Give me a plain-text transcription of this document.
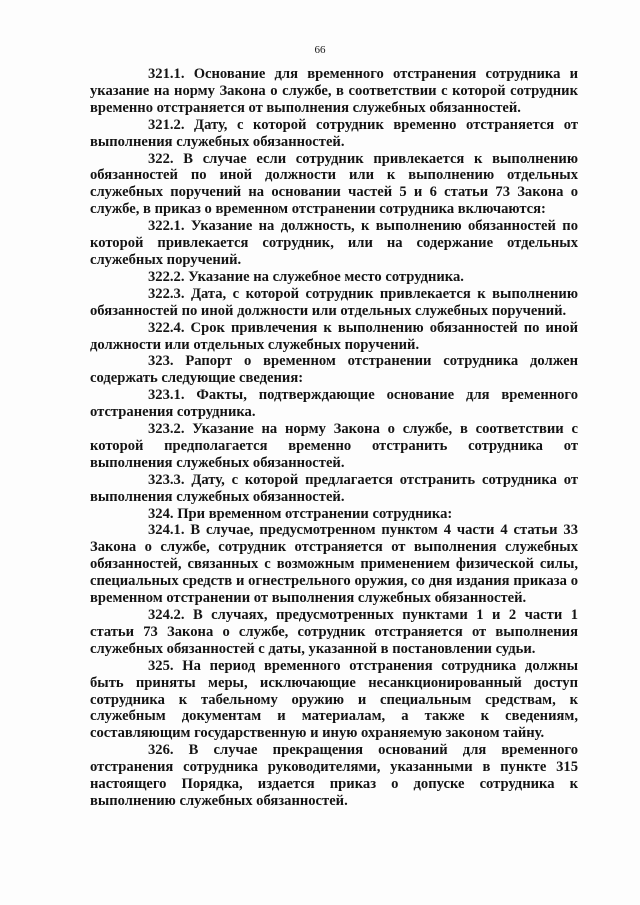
66

321.1. Основание для временного отстранения сотрудника и указание на норму Закона о службе, в соответствии с которой сотрудник временно отстраняется от выполнения служебных обязанностей.

321.2. Дату, с которой сотрудник временно отстраняется от выполнения служебных обязанностей.

322. В случае если сотрудник привлекается к выполнению обязанностей по иной должности или к выполнению отдельных служебных поручений на основании частей 5 и 6 статьи 73 Закона о службе, в приказ о временном отстранении сотрудника включаются:

322.1. Указание на должность, к выполнению обязанностей по которой привлекается сотрудник, или на содержание отдельных служебных поручений.

322.2. Указание на служебное место сотрудника.

322.3. Дата, с которой сотрудник привлекается к выполнению обязанностей по иной должности или отдельных служебных поручений.

322.4. Срок привлечения к выполнению обязанностей по иной должности или отдельных служебных поручений.

323. Рапорт о временном отстранении сотрудника должен содержать следующие сведения:

323.1. Факты, подтверждающие основание для временного отстранения сотрудника.

323.2. Указание на норму Закона о службе, в соответствии с которой предполагается временно отстранить сотрудника от выполнения служебных обязанностей.

323.3. Дату, с которой предлагается отстранить сотрудника от выполнения служебных обязанностей.

324. При временном отстранении сотрудника:

324.1. В случае, предусмотренном пунктом 4 части 4 статьи 33 Закона о службе, сотрудник отстраняется от выполнения служебных обязанностей, связанных с возможным применением физической силы, специальных средств и огнестрельного оружия, со дня издания приказа о временном отстранении от выполнения служебных обязанностей.

324.2. В случаях, предусмотренных пунктами 1 и 2 части 1 статьи 73 Закона о службе, сотрудник отстраняется от выполнения служебных обязанностей с даты, указанной в постановлении судьи.

325. На период временного отстранения сотрудника должны быть приняты меры, исключающие несанкционированный доступ сотрудника к табельному оружию и специальным средствам, к служебным документам и материалам, а также к сведениям, составляющим государственную и иную охраняемую законом тайну.

326. В случае прекращения оснований для временного отстранения сотрудника руководителями, указанными в пункте 315 настоящего Порядка, издается приказ о допуске сотрудника к выполнению служебных обязанностей.
